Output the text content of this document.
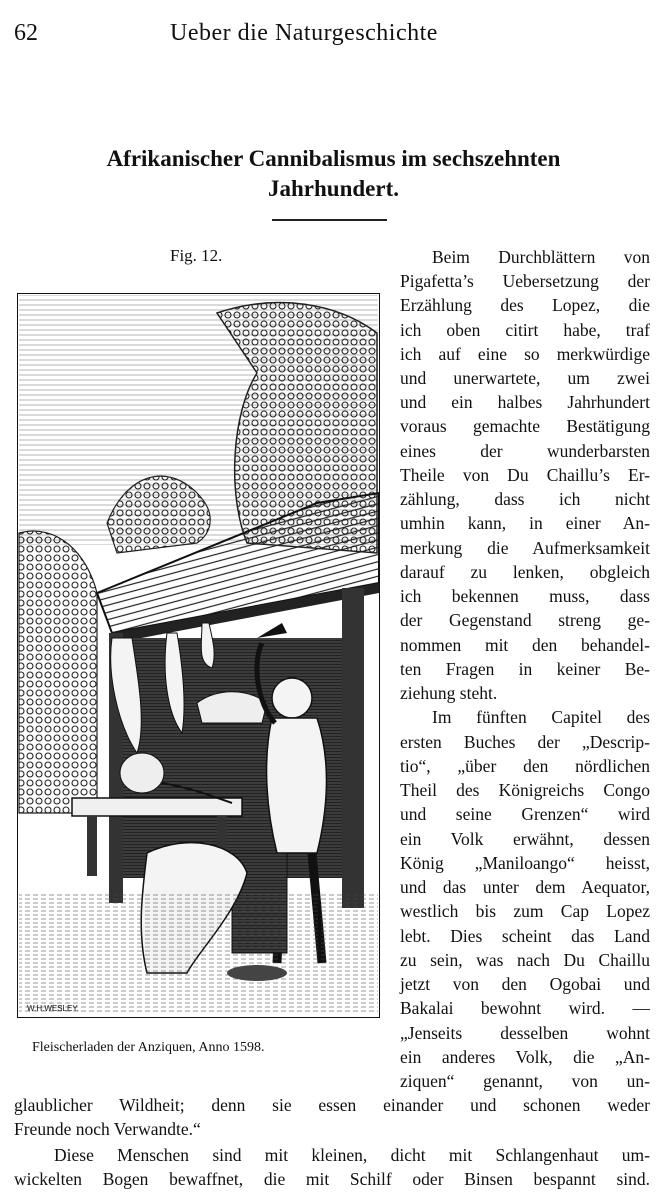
62	Ueber die Naturgeschichte
Afrikanischer Cannibalismus im sechszehnten
Jahrhundert.
Fig. 12.
W.H.WESLEY.
Fleischerladen der Anziquen, Anno 1598.
Beim Durchblättern von
Pigafetta’s Uebersetzung der
Erzählung des Lopez, die
ich oben citirt habe, traf
ich auf eine so merkwürdige
und unerwartete, um zwei
und ein halbes Jahrhundert
voraus gemachte Bestätigung
eines der wunderbarsten
Theile von Du Chaillu’s Er-
zählung, dass ich nicht
umhin kann, in einer An-
merkung die Aufmerksamkeit
darauf zu lenken, obgleich
ich bekennen muss, dass
der Gegenstand streng ge-
nommen mit den behandel-
ten Fragen in keiner Be-
ziehung steht.
Im fünften Capitel des
ersten Buches der „Descrip-
tio“, „über den nördlichen
Theil des Königreichs Congo
und seine Grenzen“ wird
ein Volk erwähnt, dessen
König „Maniloango“ heisst,
und das unter dem Aequator,
westlich bis zum Cap Lopez
lebt. Dies scheint das Land
zu sein, was nach Du Chaillu
jetzt von den Ogobai und
Bakalai bewohnt wird. —
„Jenseits desselben wohnt
ein anderes Volk, die „An-
ziquen“ genannt, von un-
glaublicher Wildheit; denn sie essen einander und schonen weder
Freunde noch Verwandte.“
Diese Menschen sind mit kleinen, dicht mit Schlangenhaut um-
wickelten Bogen bewaffnet, die mit Schilf oder Binsen bespannt sind.
